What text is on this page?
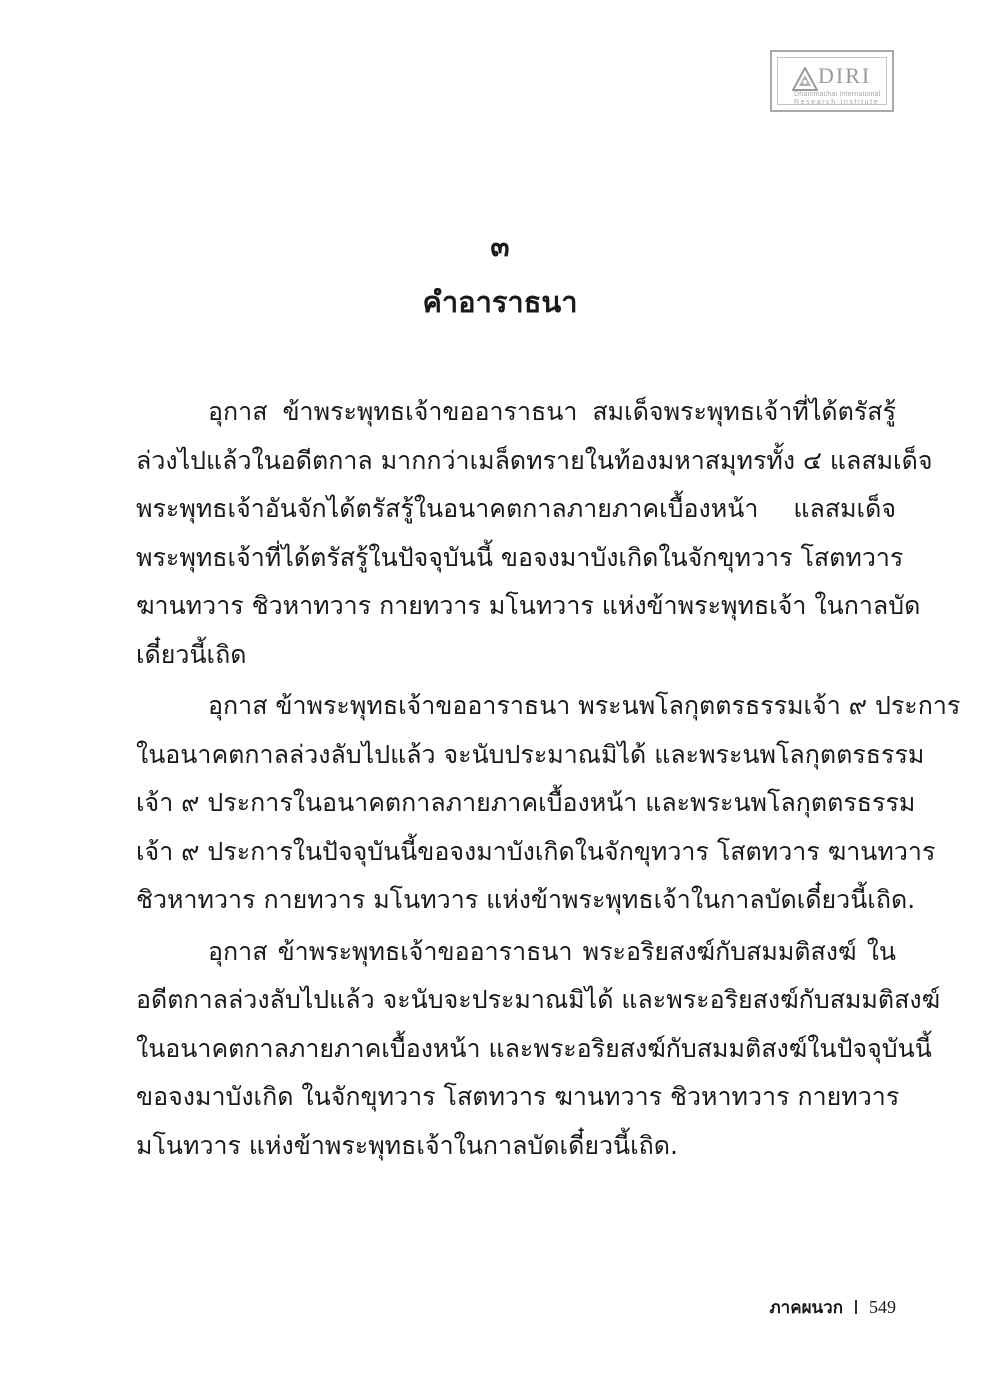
DIRI
Dhammachai International
Research Institute
๓
คำอาราธนา

อุกาส ข้าพระพุทธเจ้าขออาราธนา สมเด็จพระพุทธเจ้าที่ได้ตรัสรู้
ล่วงไปแล้วในอดีตกาล มากกว่าเมล็ดทรายในท้องมหาสมุทรทั้ง ๔ แลสมเด็จ
พระพุทธเจ้าอันจักได้ตรัสรู้ในอนาคตกาลภายภาคเบื้องหน้า แลสมเด็จ
พระพุทธเจ้าที่ได้ตรัสรู้ในปัจจุบันนี้ ขอจงมาบังเกิดในจักขุทวาร โสตทวาร
ฆานทวาร ชิวหาทวาร กายทวาร มโนทวาร แห่งข้าพระพุทธเจ้า ในกาลบัด
เดี๋ยวนี้เถิด

อุกาส ข้าพระพุทธเจ้าขออาราธนา พระนพโลกุตตรธรรมเจ้า ๙ ประการ
ในอนาคตกาลล่วงลับไปแล้ว จะนับประมาณมิได้ และพระนพโลกุตตรธรรม
เจ้า ๙ ประการในอนาคตกาลภายภาคเบื้องหน้า และพระนพโลกุตตรธรรม
เจ้า ๙ ประการในปัจจุบันนี้ขอจงมาบังเกิดในจักขุทวาร โสตทวาร ฆานทวาร
ชิวหาทวาร กายทวาร มโนทวาร แห่งข้าพระพุทธเจ้าในกาลบัดเดี๋ยวนี้เถิด.

อุกาส ข้าพระพุทธเจ้าขออาราธนา พระอริยสงฆ์กับสมมติสงฆ์ ใน
อดีตกาลล่วงลับไปแล้ว จะนับจะประมาณมิได้ และพระอริยสงฆ์กับสมมติสงฆ์
ในอนาคตกาลภายภาคเบื้องหน้า และพระอริยสงฆ์กับสมมติสงฆ์ในปัจจุบันนี้
ขอจงมาบังเกิด ในจักขุทวาร โสตทวาร ฆานทวาร ชิวหาทวาร กายทวาร
มโนทวาร แห่งข้าพระพุทธเจ้าในกาลบัดเดี๋ยวนี้เถิด.

ภาคผนวก 549
